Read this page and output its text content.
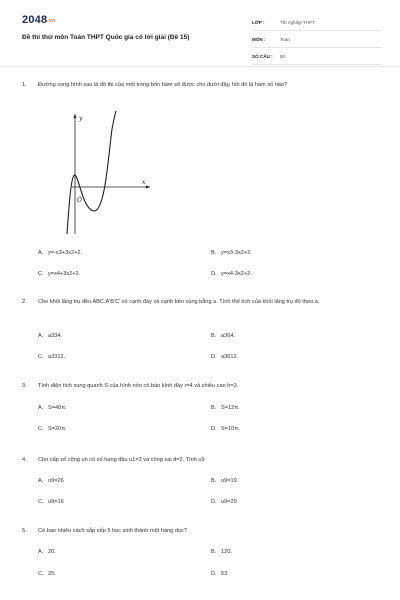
$2048^{.vn}$
Đề thi thử môn Toán THPT Quốc gia có lời giải (Đề 15)
LỚP :	Tốt nghiệp THPT
MÔN :	Toán
SỐ CÂU :	50
1.	Đường cong hình sau là đồ thị của một trong bốn hàm số được cho dưới đây, hỏi đó là hàm số nào?
y
x
O
A. y=-x3+3x2+2.	B. y=x3-3x2+2.
C. y=x4+3x2+2.	D. y=x4-3x2+2.
2.	Cho khối lăng trụ đều ABC.A'B'C' có cạnh đáy và cạnh bên cùng bằng a. Tính thể tích của khối lăng trụ đó theo a.
A. a334.	B. a364.
C. a3312.	D. a3612.
3.	Tính diện tích xung quanh S của hình nón có bán kính đáy r=4 và chiều cao h=3.
A. S=40π.	B. S=12π.
C. S=20π.	D. S=10π.
4.	Cho cấp số cộng un có số hạng đầu u1=3 và công sai d=2. Tính u9
A. u9=26	B. u9=19
C. u9=16	D. u9=29
5.	Có bao nhiêu cách sắp xếp 5 học sinh thành một hàng dọc?
A. 20.	B. 120.
C. 25.	D. 53
